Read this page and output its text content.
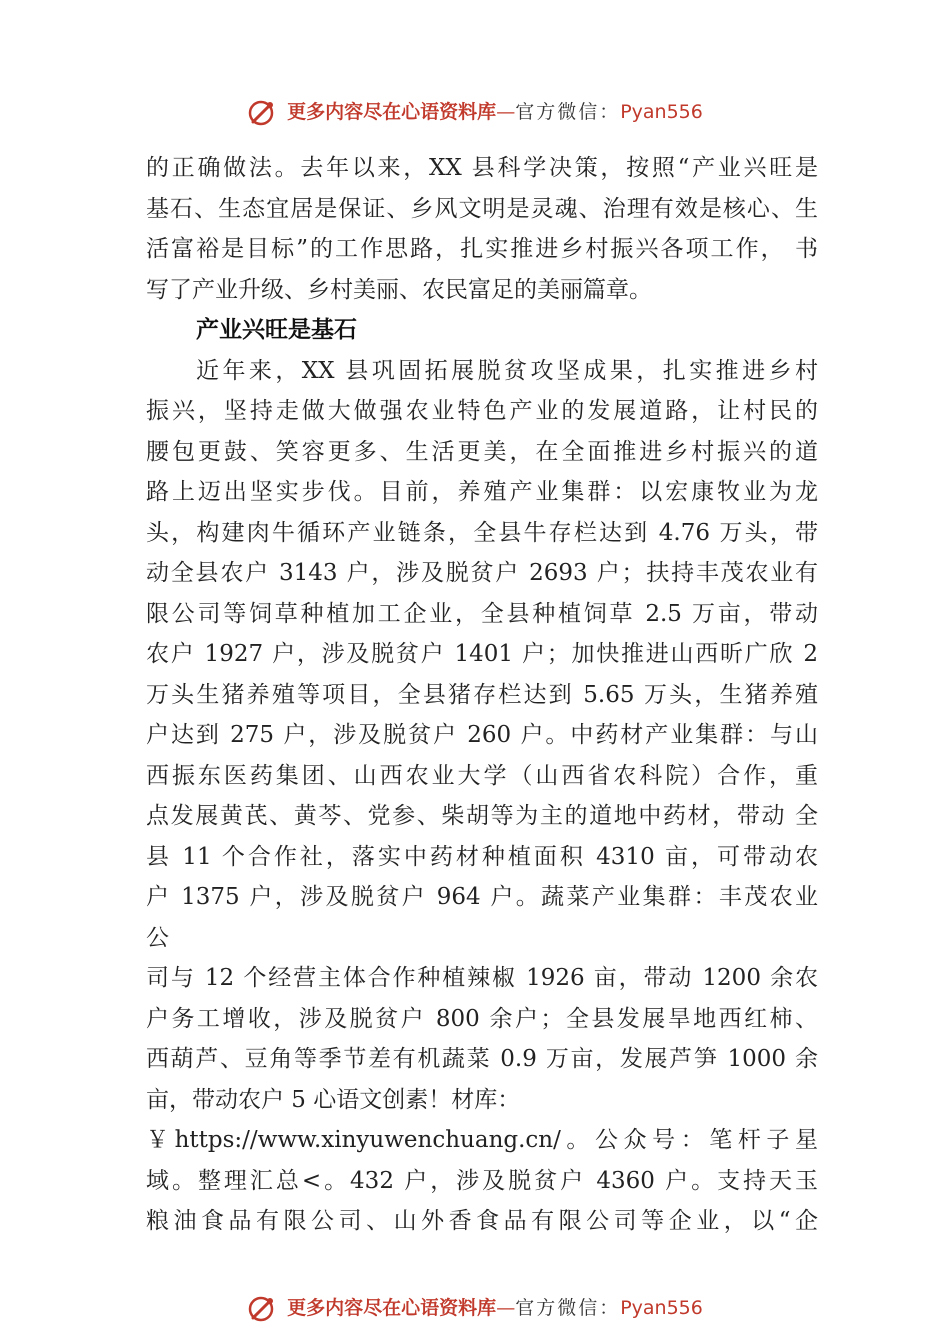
更多内容尽在心语资料库—官方微信：Pyan556
的正确做法。去年以来，XX 县科学决策，按照“产业兴旺是
基石、生态宜居是保证、乡风文明是灵魂、治理有效是核心、生
活富裕是目标”的工作思路，扎实推进乡村振兴各项工作， 书
写了产业升级、乡村美丽、农民富足的美丽篇章。
产业兴旺是基石
近年来，XX 县巩固拓展脱贫攻坚成果，扎实推进乡村
振兴，坚持走做大做强农业特色产业的发展道路，让村民的
腰包更鼓、笑容更多、生活更美，在全面推进乡村振兴的道
路上迈出坚实步伐。目前，养殖产业集群：以宏康牧业为龙
头，构建肉牛循环产业链条，全县牛存栏达到 4.76 万头，带
动全县农户 3143 户，涉及脱贫户 2693 户；扶持丰茂农业有
限公司等饲草种植加工企业，全县种植饲草 2.5 万亩，带动
农户 1927 户，涉及脱贫户 1401 户；加快推进山西昕广欣 2
万头生猪养殖等项目，全县猪存栏达到 5.65 万头，生猪养殖
户达到 275 户，涉及脱贫户 260 户。中药材产业集群：与山
西振东医药集团、山西农业大学（山西省农科院）合作，重
点发展黄芪、黄芩、党参、柴胡等为主的道地中药材，带动 全
县 11 个合作社，落实中药材种植面积 4310 亩，可带动农
户 1375 户，涉及脱贫户 964 户。蔬菜产业集群：丰茂农业
公
司与 12 个经营主体合作种植辣椒 1926 亩，带动 1200 余农
户务工增收，涉及脱贫户 800 余户；全县发展旱地西红柿、
西葫芦、豆角等季节差有机蔬菜 0.9 万亩，发展芦笋 1000 余
亩，带动农户 5 心语文创素！材库：
￥https://www.xinyuwenchuang.cn/。公众号：笔杆子星
域。整理汇总<。432 户，涉及脱贫户 4360 户。支持天玉
粮油食品有限公司、山外香食品有限公司等企业，以“企
更多内容尽在心语资料库—官方微信：Pyan556
